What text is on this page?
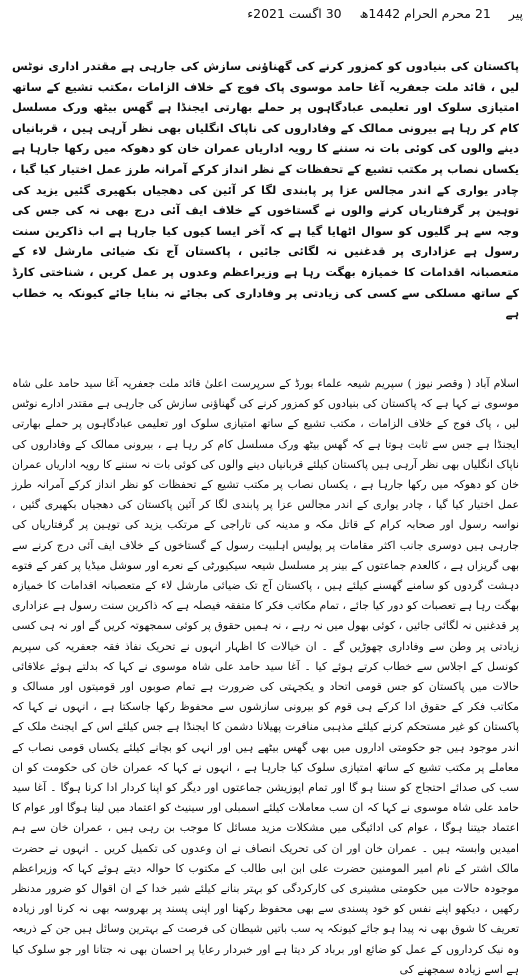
پیر 21 محرم الحرام 1442ھ 30 اگست 2021ء

پاکستان کی بنیادوں کو کمزور کرنے کی گھناؤنی سازش کی جارہی ہے مقتدر اداری نوٹس لیں ، قائد ملت جعفریہ آغا حامد موسوی پاک فوج کے خلاف الزامات ،مکتب تشیع کے ساتھ امتیازی سلوک اور تعلیمی عبادگاہوں پر حملے بھارتی ایجنڈا ہے گھس بیٹھ ورک مسلسل کام کر رہا ہے بیرونی ممالک کے وفاداروں کی ناپاک انگلیاں بھی نظر آرہی ہیں ، قربانیاں دینے والوں کی کوئی بات نہ سننے کا رویہ اداریاں عمران خان کو دھوکہ میں رکھا جارہا ہے یکساں نصاب پر مکتب تشیع کے تحفظات کے نظر انداز کرکے آمرانہ طرز عمل اختیار کیا گیا ، چادر یواری کے اندر مجالس عزا پر پابندی لگا کر آئین کی دھجیاں بکھیری گئیں یزید کی توہین پر گرفتاریاں کرنے والوں نے گستاخوں کے خلاف ایف آئی درج بھی نہ کی جس کی وجہ سے ہر گلیوں کو سوال اٹھایا گیا ہے کہ آخر ایسا کیوں کیا جارہا ہے اب ذاکرین سنت رسول ہے عزاداری پر قدغنیں نہ لگائی جائیں ، پاکستان آج تک ضیائی مارشل لاء کے متعصبانہ اقدامات کا خمیازہ بھگت رہا ہے وزیراعظم وعدوں پر عمل کریں ، شناختی کارڈ کے ساتھ مسلکی سے کسی کی زیادتی پر وفاداری کی بجائے نہ بنایا جائے کیونکہ یہ خطاب ہے

اسلام آباد ( وقصر نیوز ) سپریم شیعہ علماء بورڈ کے سرپرست اعلیٰ قائد ملت جعفریہ آغا سید حامد علی شاہ موسوی نے کہا ہے کہ پاکستان کی بنیادوں کو کمزور کرنے کی گھناؤنی سازش کی جارہی ہے مقتدر ادارے نوٹس لیں ، پاک فوج کے خلاف الزامات ، مکتب تشیع کے ساتھ امتیازی سلوک اور تعلیمی عبادگاہوں پر حملے بھارتی ایجنڈا ہے جس سے ثابت ہوتا ہے کہ گھس بیٹھ ورک مسلسل کام کر رہا ہے ، بیرونی ممالک کے وفاداروں کی ناپاک انگلیاں بھی نظر آرہی ہیں پاکستان کیلئے قربانیاں دینے والوں کی کوئی بات نہ سننے کا رویہ اداریاں عمران خان کو دھوکہ میں رکھا جارہا ہے ، یکساں نصاب پر مکتب تشیع کے تحفظات کو نظر انداز کرکے آمرانہ طرز عمل اختیار کیا گیا ، چادر یواری کے اندر مجالس عزا پر پابندی لگا کر آئین پاکستان کی دھجیاں بکھیری گئیں ، نواسہ رسول اور صحابہ کرام کے قاتل مکہ و مدینہ کی تاراجی کے مرتکب یزید کی توہین پر گرفتاریاں کی جارہی ہیں دوسری جانب اکثر مقامات پر پولیس اہلبیت رسول کے گستاخوں کے خلاف ایف آئی درج کرنے سے بھی گریزاں ہے ، کالعدم جماعتوں کے بینر پر مسلسل شیعہ سیکیورٹی کے نعرے اور سوشل میڈیا پر کفر کے فتوے دہشت گردوں کو سامنے گھسنے کیلئے ہیں ، پاکستان آج تک ضیائی مارشل لاء کے متعصبانہ اقدامات کا خمیازہ بھگت رہا ہے تعصبات کو دور کیا جائے ، تمام مکاتب فکر کا متفقہ فیصلہ ہے کہ ذاکرین سنت رسول ہے عزاداری پر قدغنیں نہ لگائی جائیں ، کوئی بھول میں نہ رہے ، نہ ہمیں حقوق پر کوئی سمجھوتہ کریں گے اور نہ ہی کسی زیادتی پر وطن سے وفاداری چھوڑیں گے ۔ ان خیالات کا اظہار انہوں نے تحریک نفاذ فقہ جعفریہ کی سپریم کونسل کے اجلاس سے خطاب کرتے ہوئے کیا ۔ آغا سید حامد علی شاہ موسوی نے کہا کہ بدلتے ہوئے علاقائی حالات میں پاکستان کو جس قومی اتحاد و یکجہتی کی ضرورت ہے تمام صوبوں اور قومیتوں اور مسالک و مکاتب فکر کے حقوق ادا کرکے ہی قوم کو بیرونی سازشوں سے محفوظ رکھا جاسکتا ہے ، انہوں نے کہا کہ پاکستان کو غیر مستحکم کرنے کیلئے مذہبی منافرت پھیلانا دشمن کا ایجنڈا ہے جس کیلئے اس کے ایجنٹ ملک کے اندر موجود ہیں جو حکومتی اداروں میں بھی گھس بیٹھے ہیں اور انہی کو بچانے کیلئے یکساں قومی نصاب کے معاملے پر مکتب تشیع کے ساتھ امتیازی سلوک کیا جارہا ہے ، انہوں نے کہا کہ عمران خان کی حکومت کو ان سب کی صدائے احتجاج کو سننا ہو گا اور تمام اپوزیشن جماعتوں اور دیگر کو اپنا کردار ادا کرنا ہوگا ۔ آغا سید حامد علی شاہ موسوی نے کہا کہ ان سب معاملات کیلئے اسمبلی اور سینیٹ کو اعتماد میں لینا ہوگا اور عوام کا اعتماد جیتنا ہوگا ، عوام کی ادائیگی میں مشکلات مزید مسائل کا موجب بن رہی ہیں ، عمران خان سے ہم امیدیں وابستہ ہیں ۔ عمران خان اور ان کی تحریک انصاف نے ان وعدوں کی تکمیل کریں ۔ انہوں نے حضرت مالک اشتر کے نام امیر المومنین حضرت علی ابن ابی طالب کے مکتوب کا حوالہ دیتے ہوئے کہا کہ وزیراعظم موجودہ حالات میں حکومتی مشینری کی کارکردگی کو بہتر بنانے کیلئے شیر خدا کے ان اقوال کو ضرور مدنظر رکھیں ، دیکھو اپنے نفس کو خود پسندی سے بھی محفوظ رکھنا اور اپنی پسند پر بھروسہ بھی نہ کرنا اور زیادہ تعریف کا شوق بھی نہ پیدا ہو جائے کیونکہ یہ سب باتیں شیطان کی فرصت کے بہترین وسائل ہیں جن کے ذریعہ وہ نیک کرداروں کے عمل کو ضائع اور برباد کر دیتا ہے اور خبردار رعایا پر احسان بھی نہ جتانا اور جو سلوک کیا ہے اسے زیادہ سمجھنے کی
